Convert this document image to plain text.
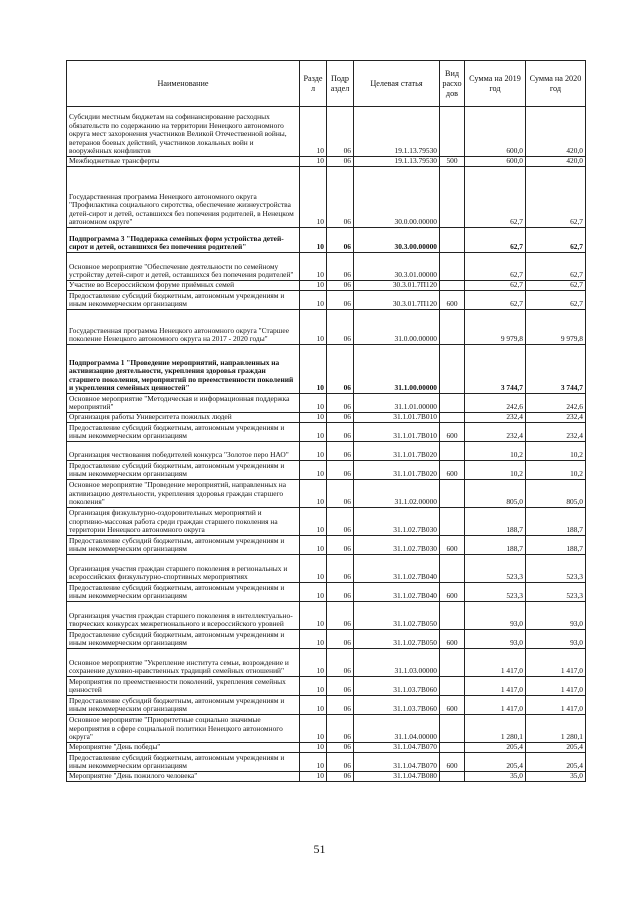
Наименование	Разде л	Подр аздел	Целевая статья	Вид расхо дов	Сумма на 2019 год	Сумма на 2020 год
Субсидии местным бюджетам на софинансирование расходных обязательств по содержанию на территории Ненецкого автономного округа мест захоронения участников Великой Отечественной войны, ветеранов боевых действий, участников локальных войн и вооружённых конфликтов	10	06	19.1.13.79530		600,0	420,0
Межбюджетные трансферты	10	06	19.1.13.79530	500	600,0	420,0
Государственная программа Ненецкого автономного округа "Профилактика социального сиротства, обеспечение жизнеустройства детей-сирот и детей, оставшихся без попечения родителей, в Ненецком автономном округе"	10	06	30.0.00.00000		62,7	62,7
Подпрограмма 3 "Поддержка семейных форм устройства детей-сирот и детей, оставшихся без попечения родителей"	10	06	30.3.00.00000		62,7	62,7
Основное мероприятие "Обеспечение деятельности по семейному устройству детей-сирот и детей, оставшихся без попечения родителей"	10	06	30.3.01.00000		62,7	62,7
Участие во Всероссийском форуме приёмных семей	10	06	30.3.01.7П120		62,7	62,7
Предоставление субсидий бюджетным, автономным учреждениям и иным некоммерческим организациям	10	06	30.3.01.7П120	600	62,7	62,7
Государственная программа Ненецкого автономного округа "Старшее поколение Ненецкого автономного округа на 2017 - 2020 годы"	10	06	31.0.00.00000		9 979,8	9 979,8
Подпрограмма 1 "Проведение мероприятий, направленных на активизацию деятельности, укрепления здоровья граждан старшего поколения, мероприятий по преемственности поколений и укрепления семейных ценностей"	10	06	31.1.00.00000		3 744,7	3 744,7
Основное мероприятие "Методическая и информационная поддержка мероприятий"	10	06	31.1.01.00000		242,6	242,6
Организация работы Университета пожилых людей	10	06	31.1.01.7В010		232,4	232,4
Предоставление субсидий бюджетным, автономным учреждениям и иным некоммерческим организациям	10	06	31.1.01.7В010	600	232,4	232,4
Организация чествования победителей конкурса "Золотое перо НАО"	10	06	31.1.01.7В020		10,2	10,2
Предоставление субсидий бюджетным, автономным учреждениям и иным некоммерческим организациям	10	06	31.1.01.7В020	600	10,2	10,2
Основное мероприятие "Проведение мероприятий, направленных на активизацию деятельности, укрепления здоровья граждан старшего поколения"	10	06	31.1.02.00000		805,0	805,0
Организация физкультурно-оздоровительных мероприятий и спортивно-массовая работа среди граждан старшего поколения на территории Ненецкого автономного округа	10	06	31.1.02.7В030		188,7	188,7
Предоставление субсидий бюджетным, автономным учреждениям и иным некоммерческим организациям	10	06	31.1.02.7В030	600	188,7	188,7
Организация участия граждан старшего поколения в региональных и всероссийских физкультурно-спортивных мероприятиях	10	06	31.1.02.7В040		523,3	523,3
Предоставление субсидий бюджетным, автономным учреждениям и иным некоммерческим организациям	10	06	31.1.02.7В040	600	523,3	523,3
Организация участия граждан старшего поколения в интеллектуально-творческих конкурсах межрегионального и всероссийского уровней	10	06	31.1.02.7В050		93,0	93,0
Предоставление субсидий бюджетным, автономным учреждениям и иным некоммерческим организациям	10	06	31.1.02.7В050	600	93,0	93,0
Основное мероприятие "Укрепление института семьи, возрождение и сохранение духовно-нравственных традиций семейных отношений"	10	06	31.1.03.00000		1 417,0	1 417,0
Мероприятия по преемственности поколений, укрепления семейных ценностей	10	06	31.1.03.7В060		1 417,0	1 417,0
Предоставление субсидий бюджетным, автономным учреждениям и иным некоммерческим организациям	10	06	31.1.03.7В060	600	1 417,0	1 417,0
Основное мероприятие "Приоритетные социально значимые мероприятия в сфере социальной политики Ненецкого автономного округа"	10	06	31.1.04.00000		1 280,1	1 280,1
Мероприятие "День победы"	10	06	31.1.04.7В070		205,4	205,4
Предоставление субсидий бюджетным, автономным учреждениям и иным некоммерческим организациям	10	06	31.1.04.7В070	600	205,4	205,4
Мероприятие "День пожилого человека"	10	06	31.1.04.7В080		35,0	35,0
51
